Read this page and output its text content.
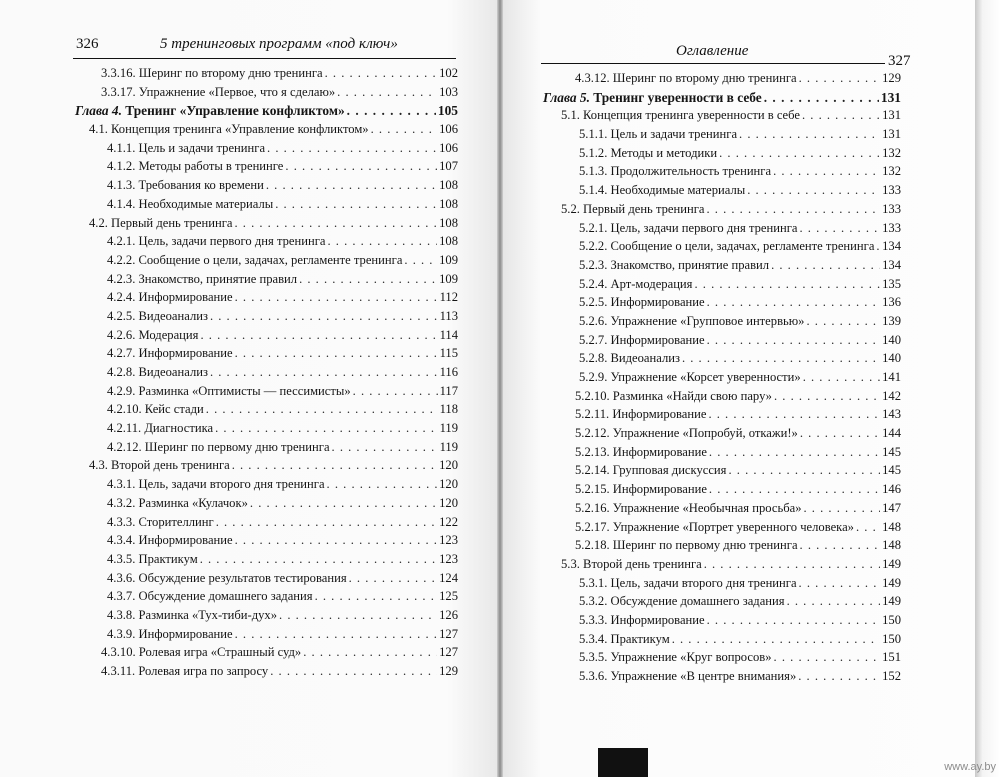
326	5 тренинговых программ «под ключ»
3.3.16. Шеринг по второму дню тренинга . . .	102
3.3.17. Упражнение «Первое, что я сделаю» . . .	103
Глава 4. Тренинг «Управление конфликтом» . . .	105
4.1. Концепция тренинга «Управление конфликтом» . . .	106
4.1.1. Цель и задачи тренинга . . .	106
4.1.2. Методы работы в тренинге . . .	107
4.1.3. Требования ко времени . . .	108
4.1.4. Необходимые материалы . . .	108
4.2. Первый день тренинга . . .	108
4.2.1. Цель, задачи первого дня тренинга . . .	108
4.2.2. Сообщение о цели, задачах, регламенте тренинга . . .	109
4.2.3. Знакомство, принятие правил . . .	109
4.2.4. Информирование . . .	112
4.2.5. Видеоанализ . . .	113
4.2.6. Модерация . . .	114
4.2.7. Информирование . . .	115
4.2.8. Видеоанализ . . .	116
4.2.9. Разминка «Оптимисты — пессимисты» . . .	117
4.2.10. Кейс стади . . .	118
4.2.11. Диагностика . . .	119
4.2.12. Шеринг по первому дню тренинга . . .	119
4.3. Второй день тренинга . . .	120
4.3.1. Цель, задачи второго дня тренинга . . .	120
4.3.2. Разминка «Кулачок» . . .	120
4.3.3. Сторителлинг . . .	122
4.3.4. Информирование . . .	123
4.3.5. Практикум . . .	123
4.3.6. Обсуждение результатов тестирования . . .	124
4.3.7. Обсуждение домашнего задания . . .	125
4.3.8. Разминка «Тух-тиби-дух» . . .	126
4.3.9. Информирование . . .	127
4.3.10. Ролевая игра «Страшный суд» . . .	127
4.3.11. Ролевая игра по запросу . . .	129
Оглавление
327
4.3.12. Шеринг по второму дню тренинга . . .	129
Глава 5. Тренинг уверенности в себе . . .	131
5.1. Концепция тренинга уверенности в себе . . .	131
5.1.1. Цель и задачи тренинга . . .	131
5.1.2. Методы и методики . . .	132
5.1.3. Продолжительность тренинга . . .	132
5.1.4. Необходимые материалы . . .	133
5.2. Первый день тренинга . . .	133
5.2.1. Цель, задачи первого дня тренинга . . .	133
5.2.2. Сообщение о цели, задачах, регламенте тренинга . . . 134
5.2.3. Знакомство, принятие правил . . .	134
5.2.4. Арт-модерация . . .	135
5.2.5. Информирование . . .	136
5.2.6. Упражнение «Групповое интервью» . . .	139
5.2.7. Информирование . . .	140
5.2.8. Видеоанализ . . .	140
5.2.9. Упражнение «Корсет уверенности» . . .	141
5.2.10. Разминка «Найди свою пару» . . .	142
5.2.11. Информирование . . .	143
5.2.12. Упражнение «Попробуй, откажи!» . . .	144
5.2.13. Информирование . . .	145
5.2.14. Групповая дискуссия . . .	145
5.2.15. Информирование . . .	146
5.2.16. Упражнение «Необычная просьба» . . .	147
5.2.17. Упражнение «Портрет уверенного человека» . . . 148
5.2.18. Шеринг по первому дню тренинга . . .	148
5.3. Второй день тренинга . . .	149
5.3.1. Цель, задачи второго дня тренинга . . .	149
5.3.2. Обсуждение домашнего задания . . .	149
5.3.3. Информирование . . .	150
5.3.4. Практикум . . .	150
5.3.5. Упражнение «Круг вопросов» . . .	151
5.3.6. Упражнение «В центре внимания» . . .	152
www.ay.by
